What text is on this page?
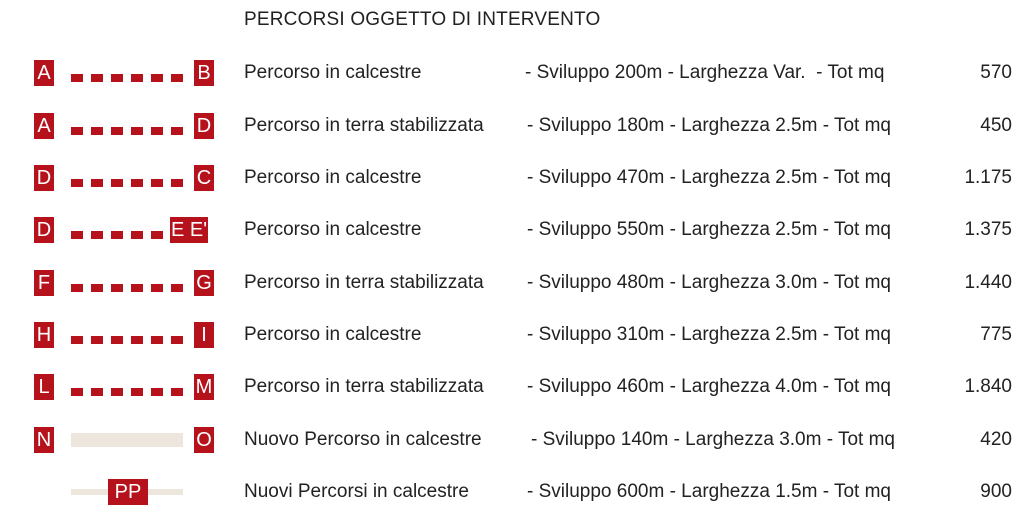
PERCORSI OGGETTO DI INTERVENTO
A	B Percorso in calcestre	- Sviluppo 200m - Larghezza Var.  - Tot mq	570
A	D Percorso in terra stabilizzata - Sviluppo 180m - Larghezza 2.5m - Tot mq	450
D	C Percorso in calcestre	- Sviluppo 470m - Larghezza 2.5m - Tot mq	1.175
D	E E' Percorso in calcestre	- Sviluppo 550m - Larghezza 2.5m - Tot mq	1.375
F	G Percorso in terra stabilizzata - Sviluppo 480m - Larghezza 3.0m - Tot mq	1.440
H	I	Percorso in calcestre	- Sviluppo 310m - Larghezza 2.5m - Tot mq	775
L	M Percorso in terra stabilizzata - Sviluppo 460m - Larghezza 4.0m - Tot mq	1.840
N	O Nuovo Percorso in calcestre	- Sviluppo 140m - Larghezza 3.0m - Tot mq	420
PP	Nuovi Percorsi in calcestre	- Sviluppo 600m - Larghezza 1.5m - Tot mq	900
